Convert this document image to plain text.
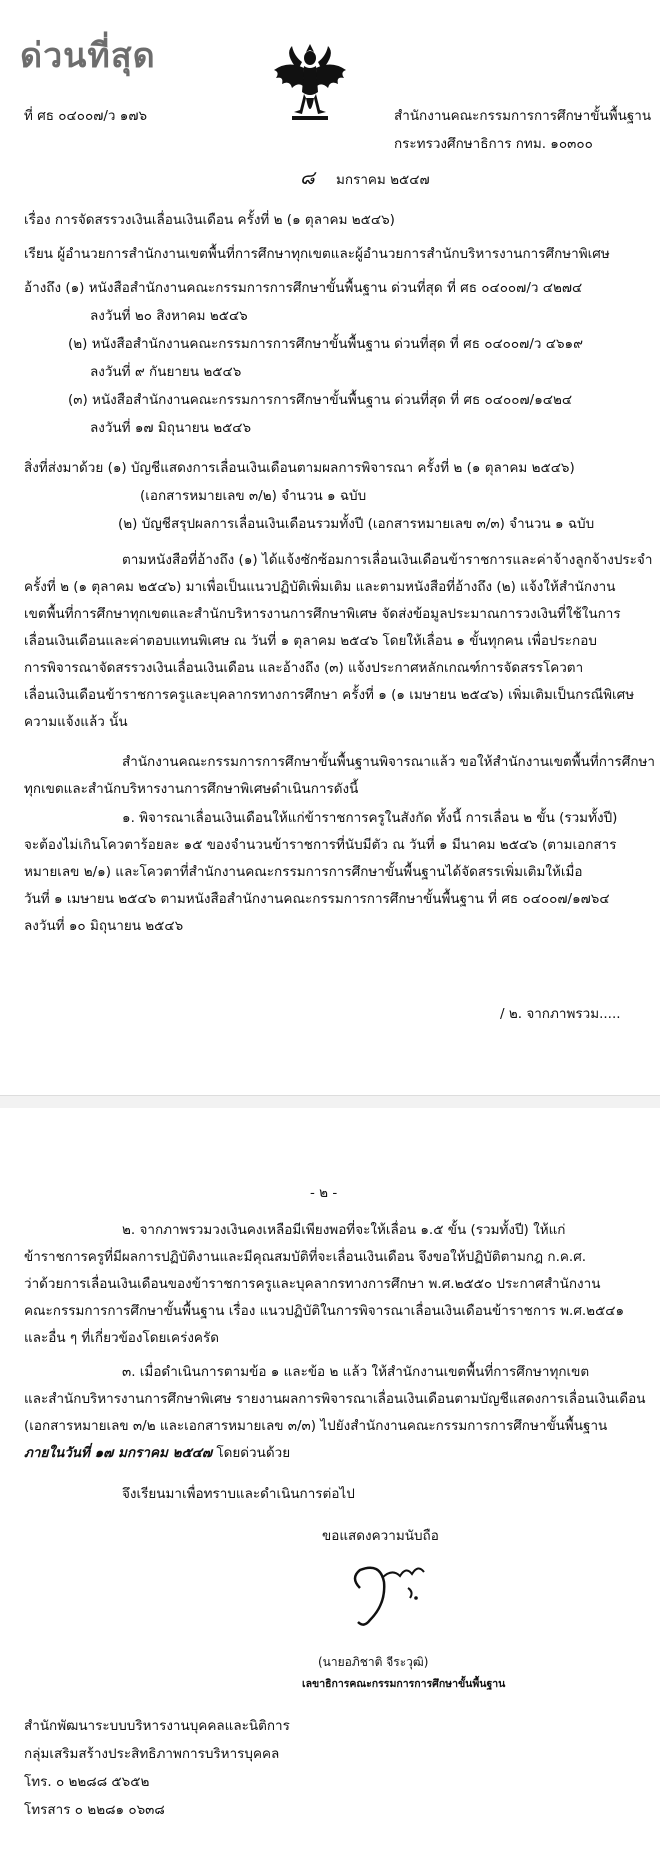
ด่วนที่สุด
ที่ ศธ ๐๔๐๐๗/ว ๑๗๖	สำนักงานคณะกรรมการการศึกษาขั้นพื้นฐาน
กระทรวงศึกษาธิการ กทม. ๑๐๓๐๐
๘ มกราคม ๒๕๔๗
เรื่อง การจัดสรรวงเงินเลื่อนเงินเดือน ครั้งที่ ๒ (๑ ตุลาคม ๒๕๔๖)
เรียน ผู้อำนวยการสำนักงานเขตพื้นที่การศึกษาทุกเขตและผู้อำนวยการสำนักบริหารงานการศึกษาพิเศษ
อ้างถึง (๑) หนังสือสำนักงานคณะกรรมการการศึกษาขั้นพื้นฐาน ด่วนที่สุด ที่ ศธ ๐๔๐๐๗/ว ๔๒๗๔
ลงวันที่ ๒๐ สิงหาคม ๒๕๔๖
(๒) หนังสือสำนักงานคณะกรรมการการศึกษาขั้นพื้นฐาน ด่วนที่สุด ที่ ศธ ๐๔๐๐๗/ว ๔๖๑๙
ลงวันที่ ๙ กันยายน ๒๕๔๖
(๓) หนังสือสำนักงานคณะกรรมการการศึกษาขั้นพื้นฐาน ด่วนที่สุด ที่ ศธ ๐๔๐๐๗/๑๔๒๔
ลงวันที่ ๑๗ มิถุนายน ๒๕๔๖
สิ่งที่ส่งมาด้วย (๑) บัญชีแสดงการเลื่อนเงินเดือนตามผลการพิจารณา ครั้งที่ ๒ (๑ ตุลาคม ๒๕๔๖)
(เอกสารหมายเลข ๓/๒) จำนวน ๑ ฉบับ
(๒) บัญชีสรุปผลการเลื่อนเงินเดือนรวมทั้งปี (เอกสารหมายเลข ๓/๓) จำนวน ๑ ฉบับ
ตามหนังสือที่อ้างถึง (๑) ได้แจ้งซักซ้อมการเลื่อนเงินเดือนข้าราชการและค่าจ้างลูกจ้างประจำ
ครั้งที่ ๒ (๑ ตุลาคม ๒๕๔๖) มาเพื่อเป็นแนวปฏิบัติเพิ่มเติม และตามหนังสือที่อ้างถึง (๒) แจ้งให้สำนักงาน
เขตพื้นที่การศึกษาทุกเขตและสำนักบริหารงานการศึกษาพิเศษ จัดส่งข้อมูลประมาณการวงเงินที่ใช้ในการ
เลื่อนเงินเดือนและค่าตอบแทนพิเศษ ณ วันที่ ๑ ตุลาคม ๒๕๔๖ โดยให้เลื่อน ๑ ขั้นทุกคน เพื่อประกอบ
การพิจารณาจัดสรรวงเงินเลื่อนเงินเดือน และอ้างถึง (๓) แจ้งประกาศหลักเกณฑ์การจัดสรรโควตา
เลื่อนเงินเดือนข้าราชการครูและบุคลากรทางการศึกษา ครั้งที่ ๑ (๑ เมษายน ๒๕๔๖) เพิ่มเติมเป็นกรณีพิเศษ
ความแจ้งแล้ว นั้น
สำนักงานคณะกรรมการการศึกษาขั้นพื้นฐานพิจารณาแล้ว ขอให้สำนักงานเขตพื้นที่การศึกษา
ทุกเขตและสำนักบริหารงานการศึกษาพิเศษดำเนินการดังนี้
๑. พิจารณาเลื่อนเงินเดือนให้แก่ข้าราชการครูในสังกัด ทั้งนี้ การเลื่อน ๒ ขั้น (รวมทั้งปี)
จะต้องไม่เกินโควตาร้อยละ ๑๕ ของจำนวนข้าราชการที่นับมีตัว ณ วันที่ ๑ มีนาคม ๒๕๔๖ (ตามเอกสาร
หมายเลข ๒/๑) และโควตาที่สำนักงานคณะกรรมการการศึกษาขั้นพื้นฐานได้จัดสรรเพิ่มเติมให้เมื่อ
วันที่ ๑ เมษายน ๒๕๔๖ ตามหนังสือสำนักงานคณะกรรมการการศึกษาขั้นพื้นฐาน ที่ ศธ ๐๔๐๐๗/๑๗๖๔
ลงวันที่ ๑๐ มิถุนายน ๒๕๔๖
/ ๒. จากภาพรวม.....
- ๒ -
๒. จากภาพรวมวงเงินคงเหลือมีเพียงพอที่จะให้เลื่อน ๑.๕ ขั้น (รวมทั้งปี) ให้แก่
ข้าราชการครูที่มีผลการปฏิบัติงานและมีคุณสมบัติที่จะเลื่อนเงินเดือน จึงขอให้ปฏิบัติตามกฎ ก.ค.ศ.
ว่าด้วยการเลื่อนเงินเดือนของข้าราชการครูและบุคลากรทางการศึกษา พ.ศ.๒๕๕๐ ประกาศสำนักงาน
คณะกรรมการการศึกษาขั้นพื้นฐาน เรื่อง แนวปฏิบัติในการพิจารณาเลื่อนเงินเดือนข้าราชการ พ.ศ.๒๕๔๑
และอื่น ๆ ที่เกี่ยวข้องโดยเคร่งครัด
๓. เมื่อดำเนินการตามข้อ ๑ และข้อ ๒ แล้ว ให้สำนักงานเขตพื้นที่การศึกษาทุกเขต
และสำนักบริหารงานการศึกษาพิเศษ รายงานผลการพิจารณาเลื่อนเงินเดือนตามบัญชีแสดงการเลื่อนเงินเดือน
(เอกสารหมายเลข ๓/๒ และเอกสารหมายเลข ๓/๓) ไปยังสำนักงานคณะกรรมการการศึกษาขั้นพื้นฐาน
ภายในวันที่ ๑๗ มกราคม ๒๕๔๗ โดยด่วนด้วย
จึงเรียนมาเพื่อทราบและดำเนินการต่อไป
ขอแสดงความนับถือ
(นายอภิชาติ จีระวุฒิ)
เลขาธิการคณะกรรมการการศึกษาขั้นพื้นฐาน
สำนักพัฒนาระบบบริหารงานบุคคลและนิติการ
กลุ่มเสริมสร้างประสิทธิภาพการบริหารบุคคล
โทร. ๐ ๒๒๘๘ ๕๖๕๒
โทรสาร ๐ ๒๒๘๑ ๐๖๓๘
